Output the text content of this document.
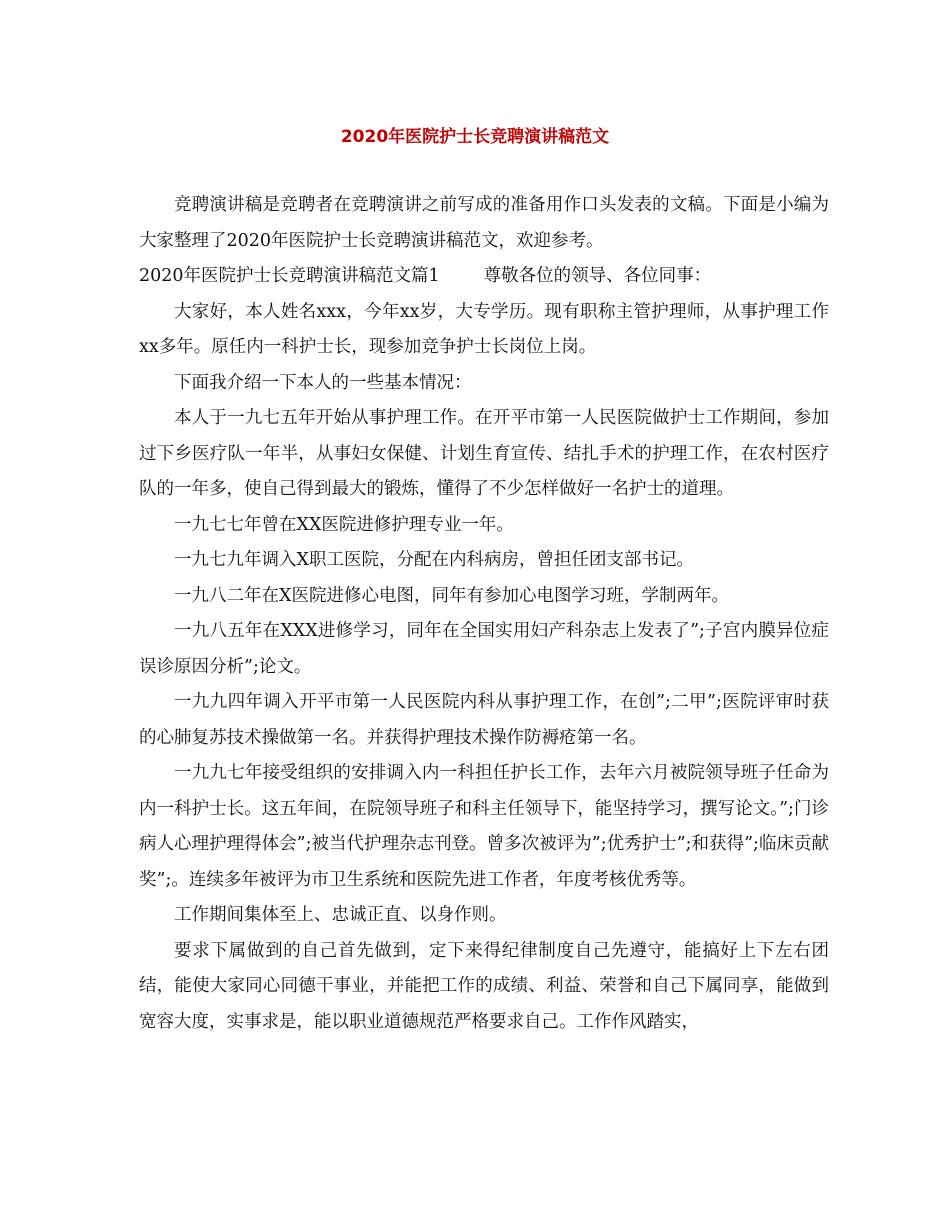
2020年医院护士长竞聘演讲稿范文

竞聘演讲稿是竞聘者在竞聘演讲之前写成的准备用作口头发表的文稿。下面是小编为大家整理了2020年医院护士长竞聘演讲稿范文，欢迎参考。

2020年医院护士长竞聘演讲稿范文篇1	尊敬各位的领导、各位同事：

大家好，本人姓名xxx，今年xx岁，大专学历。现有职称主管护理师，从事护理工作xx多年。原任内一科护士长，现参加竞争护士长岗位上岗。

下面我介绍一下本人的一些基本情况：

本人于一九七五年开始从事护理工作。在开平市第一人民医院做护士工作期间，参加过下乡医疗队一年半，从事妇女保健、计划生育宣传、结扎手术的护理工作，在农村医疗队的一年多，使自己得到最大的锻炼，懂得了不少怎样做好一名护士的道理。

一九七七年曾在XX医院进修护理专业一年。

一九七九年调入X职工医院，分配在内科病房，曾担任团支部书记。

一九八二年在X医院进修心电图，同年有参加心电图学习班，学制两年。

一九八五年在XXX进修学习，同年在全国实用妇产科杂志上发表了”;子宫内膜异位症误诊原因分析”;论文。

一九九四年调入开平市第一人民医院内科从事护理工作，在创”;二甲”;医院评审时获的心肺复苏技术操做第一名。并获得护理技术操作防褥疮第一名。

一九九七年接受组织的安排调入内一科担任护长工作，去年六月被院领导班子任命为内一科护士长。这五年间，在院领导班子和科主任领导下，能坚持学习，撰写论文。”;门诊病人心理护理得体会”;被当代护理杂志刊登。曾多次被评为”;优秀护士”;和获得”;临床贡献奖”;。连续多年被评为市卫生系统和医院先进工作者，年度考核优秀等。

工作期间集体至上、忠诚正直、以身作则。

要求下属做到的自己首先做到，定下来得纪律制度自己先遵守，能搞好上下左右团结，能使大家同心同德干事业，并能把工作的成绩、利益、荣誉和自己下属同享，能做到宽容大度，实事求是，能以职业道德规范严格要求自己。工作作风踏实，
